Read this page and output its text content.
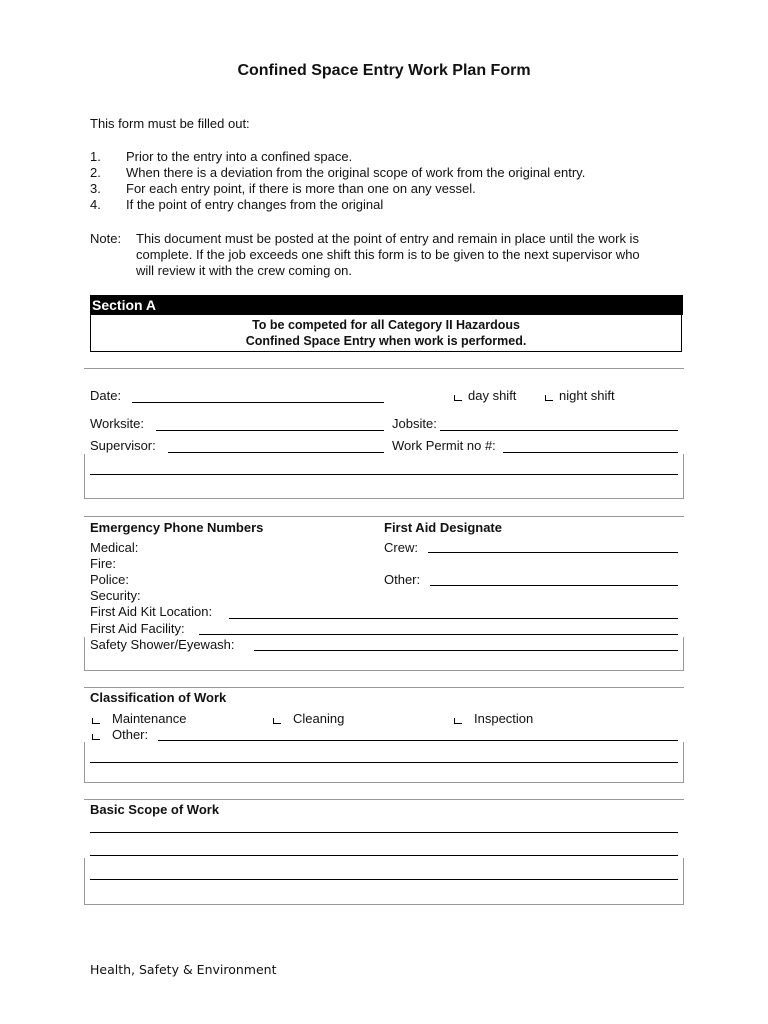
Confined Space Entry Work Plan Form
This form must be filled out:
1. Prior to the entry into a confined space.
2. When there is a deviation from the original scope of work from the original entry.
3. For each entry point, if there is more than one on any vessel.
4. If the point of entry changes from the original
Note: This document must be posted at the point of entry and remain in place until the work is
complete. If the job exceeds one shift this form is to be given to the next supervisor who
will review it with the crew coming on.
Section A
To be competed for all Category II Hazardous
Confined Space Entry when work is performed.
Date:	day shift	night shift
Worksite:	Jobsite:
Supervisor:	Work Permit no #:
Emergency Phone Numbers	First Aid Designate
Medical:	Crew:
Fire:
Police:	Other:
Security:
First Aid Kit Location:
First Aid Facility:
Safety Shower/Eyewash:
Classification of Work
Maintenance	Cleaning	Inspection
Other:
Basic Scope of Work
Health, Safety & Environment
